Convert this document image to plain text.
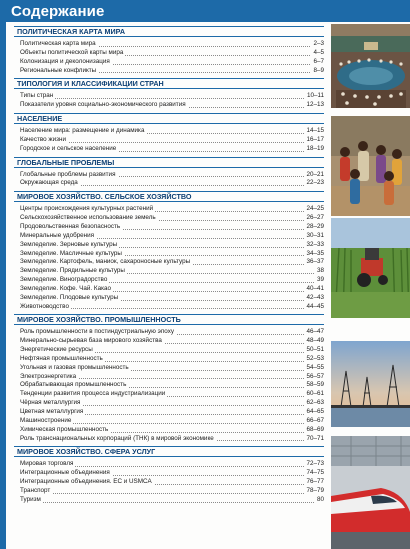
Содержание
ПОЛИТИЧЕСКАЯ КАРТА МИРА
Политическая карта мира	2–3
Объекты политической карты мира	4–5
Колонизация и деколонизация	6–7
Региональные конфликты	8–9
ТИПОЛОГИЯ И КЛАССИФИКАЦИИ СТРАН
Типы стран	10–11
Показатели уровня социально-экономического развития	12–13
НАСЕЛЕНИЕ
Население мира: размещение и динамика	14–15
Качество жизни	16–17
Городское и сельское население	18–19
ГЛОБАЛЬНЫЕ ПРОБЛЕМЫ
Глобальные проблемы развития	20–21
Окружающая среда	22–23
МИРОВОЕ ХОЗЯЙСТВО. СЕЛЬСКОЕ ХОЗЯЙСТВО
Центры происхождения культурных растений	24–25
Сельскохозяйственное использование земель	26–27
Продовольственная безопасность	28–29
Минеральные удобрения	30–31
Земледелие. Зерновые культуры	32–33
Земледелие. Масличные культуры	34–35
Земледелие. Картофель, маниок, сахароносные культуры	36–37
Земледелие. Прядильные культуры	38
Земледелие. Виноградорство	39
Земледелие. Кофе. Чай. Какао	40–41
Земледелие. Плодовые культуры	42–43
Животноводство	44–45
МИРОВОЕ ХОЗЯЙСТВО. ПРОМЫШЛЕННОСТЬ
Роль промышленности в постиндустриальную эпоху	46–47
Минерально-сырьевая база мирового хозяйства	48–49
Энергетические ресурсы	50–51
Нефтяная промышленность	52–53
Угольная и газовая промышленность	54–55
Электроэнергетика	56–57
Обрабатывающая промышленность	58–59
Тенденции развития процесса индустриализации	60–61
Чёрная металлургия	62–63
Цветная металлургия	64–65
Машиностроение	66–67
Химическая промышленность	68–69
Роль транснациональных корпораций (ТНК) в мировой экономике	70–71
МИРОВОЕ ХОЗЯЙСТВО. СФЕРА УСЛУГ
Мировая торговля	72–73
Интеграционные объединения	74–75
Интеграционные объединения. ЕС и USMCA	76–77
Транспорт	78–79
Туризм	80
